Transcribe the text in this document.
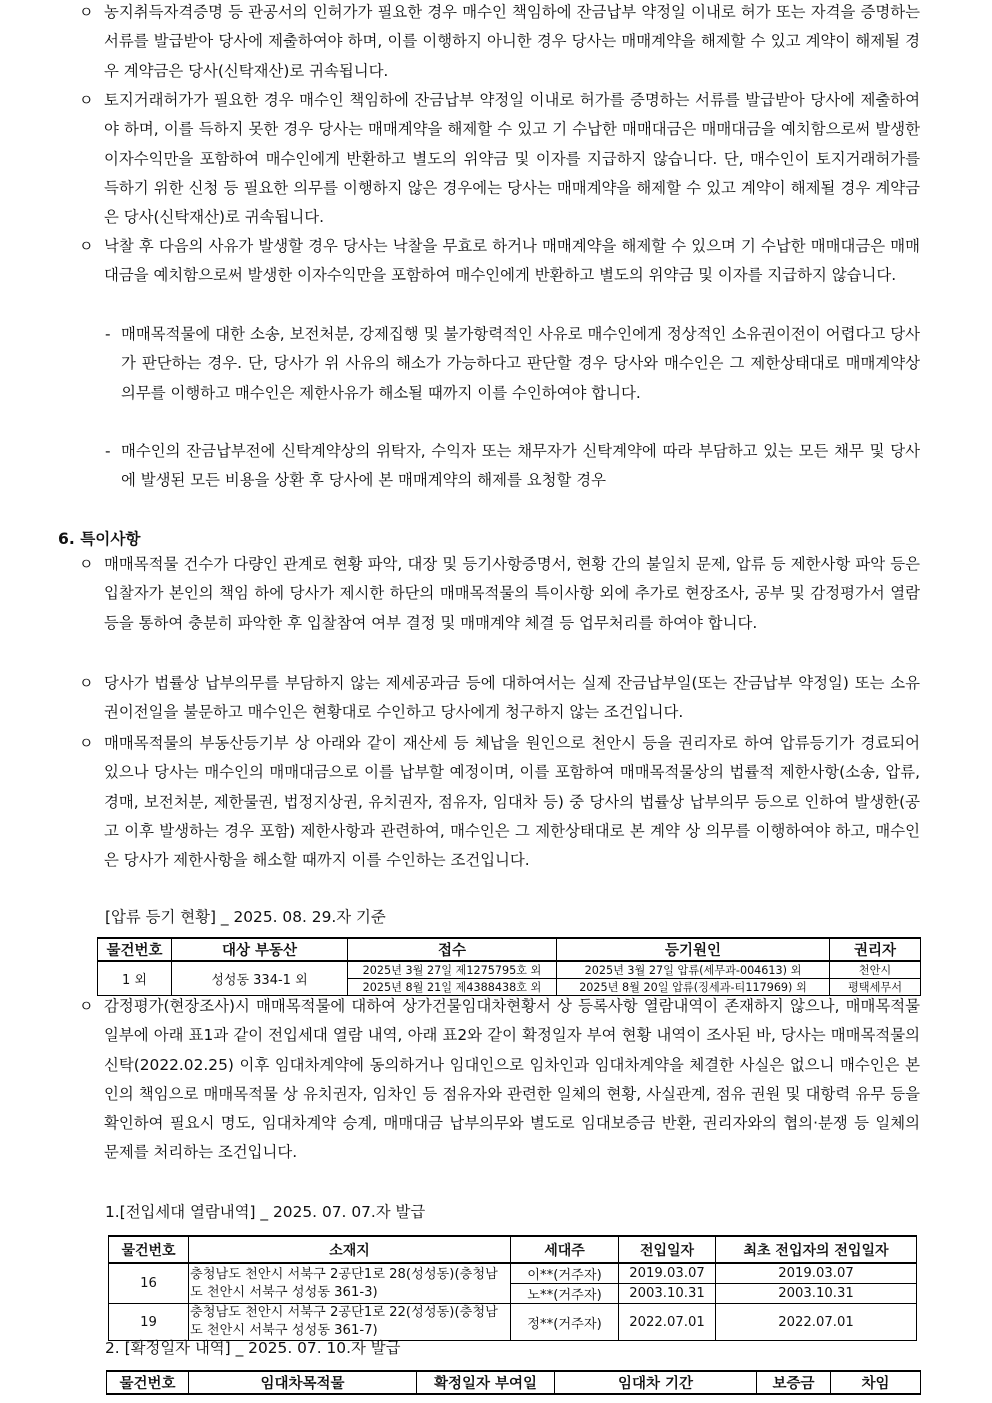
ㅇ 농지취득자격증명 등 관공서의 인허가가 필요한 경우 매수인 책임하에 잔금납부 약정일 이내로 허가 또는 자격을 증명하는 서류를 발급받아 당사에 제출하여야 하며, 이를 이행하지 아니한 경우 당사는 매매계약을 해제할 수 있고 계약이 해제될 경우 계약금은 당사(신탁재산)로 귀속됩니다.
ㅇ 토지거래허가가 필요한 경우 매수인 책임하에 잔금납부 약정일 이내로 허가를 증명하는 서류를 발급받아 당사에 제출하여야 하며, 이를 득하지 못한 경우 당사는 매매계약을 해제할 수 있고 기 수납한 매매대금은 매매대금을 예치함으로써 발생한 이자수익만을 포함하여 매수인에게 반환하고 별도의 위약금 및 이자를 지급하지 않습니다. 단, 매수인이 토지거래허가를 득하기 위한 신청 등 필요한 의무를 이행하지 않은 경우에는 당사는 매매계약을 해제할 수 있고 계약이 해제될 경우 계약금은 당사(신탁재산)로 귀속됩니다.
ㅇ 낙찰 후 다음의 사유가 발생할 경우 당사는 낙찰을 무효로 하거나 매매계약을 해제할 수 있으며 기 수납한 매매대금은 매매대금을 예치함으로써 발생한 이자수익만을 포함하여 매수인에게 반환하고 별도의 위약금 및 이자를 지급하지 않습니다.
- 매매목적물에 대한 소송, 보전처분, 강제집행 및 불가항력적인 사유로 매수인에게 정상적인 소유권이전이 어렵다고 당사가 판단하는 경우. 단, 당사가 위 사유의 해소가 가능하다고 판단할 경우 당사와 매수인은 그 제한상태대로 매매계약상 의무를 이행하고 매수인은 제한사유가 해소될 때까지 이를 수인하여야 합니다.
- 매수인의 잔금납부전에 신탁계약상의 위탁자, 수익자 또는 채무자가 신탁계약에 따라 부담하고 있는 모든 채무 및 당사에 발생된 모든 비용을 상환 후 당사에 본 매매계약의 해제를 요청할 경우
6. 특이사항
ㅇ 매매목적물 건수가 다량인 관계로 현황 파악, 대장 및 등기사항증명서, 현황 간의 불일치 문제, 압류 등 제한사항 파악 등은 입찰자가 본인의 책임 하에 당사가 제시한 하단의 매매목적물의 특이사항 외에 추가로 현장조사, 공부 및 감정평가서 열람 등을 통하여 충분히 파악한 후 입찰참여 여부 결정 및 매매계약 체결 등 업무처리를 하여야 합니다.
ㅇ 당사가 법률상 납부의무를 부담하지 않는 제세공과금 등에 대하여서는 실제 잔금납부일(또는 잔금납부 약정일) 또는 소유권이전일을 불문하고 매수인은 현황대로 수인하고 당사에게 청구하지 않는 조건입니다.
ㅇ 매매목적물의 부동산등기부 상 아래와 같이 재산세 등 체납을 원인으로 천안시 등을 권리자로 하여 압류등기가 경료되어 있으나 당사는 매수인의 매매대금으로 이를 납부할 예정이며, 이를 포함하여 매매목적물상의 법률적 제한사항(소송, 압류, 경매, 보전처분, 제한물권, 법정지상권, 유치권자, 점유자, 임대차 등) 중 당사의 법률상 납부의무 등으로 인하여 발생한(공고 이후 발생하는 경우 포함) 제한사항과 관련하여, 매수인은 그 제한상태대로 본 계약 상 의무를 이행하여야 하고, 매수인은 당사가 제한사항을 해소할 때까지 이를 수인하는 조건입니다.
[압류 등기 현황] _ 2025. 08. 29.자 기준
물건번호	대상 부동산	접수	등기원인	권리자
1 외	성성동 334-1 외	2025년 3월 27일 제1275795호 외	2025년 3월 27일 압류(세무과-004613) 외	천안시
		2025년 8월 21일 제4388438호 외	2025년 8월 20일 압류(징세과-티117969) 외	평택세무서
ㅇ 감정평가(현장조사)시 매매목적물에 대하여 상가건물임대차현황서 상 등록사항 열람내역이 존재하지 않으나, 매매목적물 일부에 아래 표1과 같이 전입세대 열람 내역, 아래 표2와 같이 확정일자 부여 현황 내역이 조사된 바, 당사는 매매목적물의 신탁(2022.02.25) 이후 임대차계약에 동의하거나 임대인으로 임차인과 임대차계약을 체결한 사실은 없으니 매수인은 본인의 책임으로 매매목적물 상 유치권자, 임차인 등 점유자와 관련한 일체의 현황, 사실관계, 점유 권원 및 대항력 유무 등을 확인하여 필요시 명도, 임대차계약 승계, 매매대금 납부의무와 별도로 임대보증금 반환, 권리자와의 협의·분쟁 등 일체의 문제를 처리하는 조건입니다.
1.[전입세대 열람내역] _ 2025. 07. 07.자 발급
물건번호	소재지	세대주	전입일자	최초 전입자의 전입일자
16	충청남도 천안시 서북구 2공단1로 28(성성동)(충청남도 천안시 서북구 성성동 361-3)	이**(거주자)	2019.03.07	2019.03.07
		노**(거주자)	2003.10.31	2003.10.31
19	충청남도 천안시 서북구 2공단1로 22(성성동)(충청남도 천안시 서북구 성성동 361-7)	정**(거주자)	2022.07.01	2022.07.01
2. [확정일자 내역] _ 2025. 07. 10.자 발급
물건번호	임대차목적물	확정일자 부여일	임대차 기간	보증금	차임
